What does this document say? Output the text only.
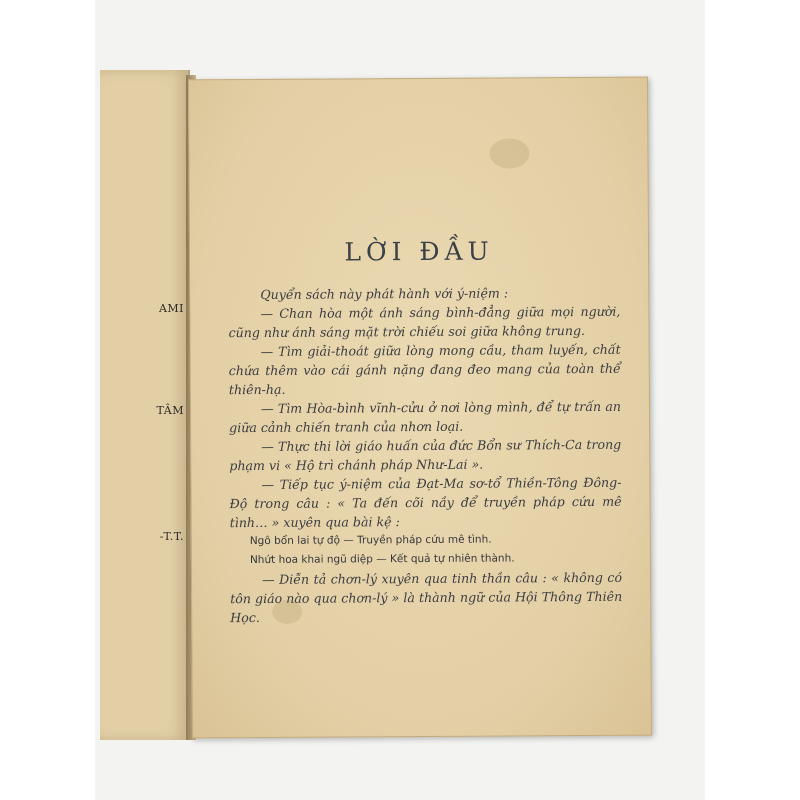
AMI
TÂM
-T.T.
LỜI ĐẦU

Quyển sách này phát hành với ý-niệm :

— Chan hòa một ánh sáng bình-đẳng giữa mọi người, cũng như ánh sáng mặt trời chiếu soi giữa không trung.

— Tìm giải-thoát giữa lòng mong cầu, tham luyến, chất chứa thêm vào cái gánh nặng đang đeo mang của toàn thể thiên-hạ.

— Tìm Hòa-bình vĩnh-cửu ở nơi lòng mình, để tự trấn an giữa cảnh chiến tranh của nhơn loại.

— Thực thi lời giáo huấn của đức Bổn sư Thích-Ca trong phạm vi « Hộ trì chánh pháp Như-Lai ».

— Tiếp tục ý-niệm của Đạt-Ma sơ-tổ Thiền-Tông Đông-Độ trong câu : « Ta đến cõi nầy để truyền pháp cứu mê tình… » xuyên qua bài kệ :

Ngô bổn lai tự độ — Truyền pháp cứu mê tình.

Nhứt hoa khai ngũ diệp — Kết quả tự nhiên thành.

— Diễn tả chơn-lý xuyên qua tinh thần câu : « không có tôn giáo nào qua chơn-lý » là thành ngữ của Hội Thông Thiên Học.
